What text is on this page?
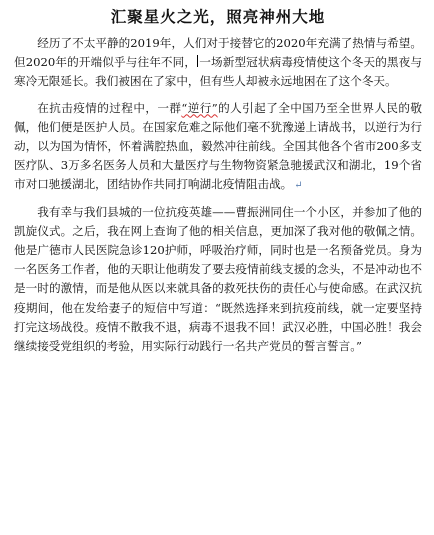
汇聚星火之光，照亮神州大地

经历了不太平静的2019年，人们对于接替它的2020年充满了热情与希望。但2020年的开端似乎与往年不同， 一场新型冠状病毒疫情使这个冬天的黑夜与寒冷无限延长。我们被困在了家中，但有些人却被永远地困在了这个冬天。

在抗击疫情的过程中，一群“逆行”的人引起了全中国乃至全世界人民的敬佩，他们便是医护人员。在国家危难之际他们毫不犹豫递上请战书，以逆行为行动，以为国为情怀，怀着满腔热血，毅然冲往前线。全国其他各个省市200多支医疗队、3万多名医务人员和大量医疗与生物物资紧急驰援武汉和湖北，19个省市对口驰援湖北，团结协作共同打响湖北疫情阻击战。 ↵

我有幸与我们县城的一位抗疫英雄——曹振洲同住一个小区，并参加了他的凯旋仪式。之后，我在网上查询了他的相关信息，更加深了我对他的敬佩之情。他是广德市人民医院急诊120护师，呼吸治疗师，同时也是一名预备党员。身为一名医务工作者，他的天职让他萌发了要去疫情前线支援的念头，不是冲动也不是一时的激情，而是他从医以来就具备的救死扶伤的责任心与使命感。在武汉抗疫期间，他在发给妻子的短信中写道：“既然选择来到抗疫前线，就一定要坚持打完这场战役。疫情不散我不退，病毒不退我不回！武汉必胜，中国必胜！我会继续接受党组织的考验，用实际行动践行一名共产党员的誓言誓言。”
